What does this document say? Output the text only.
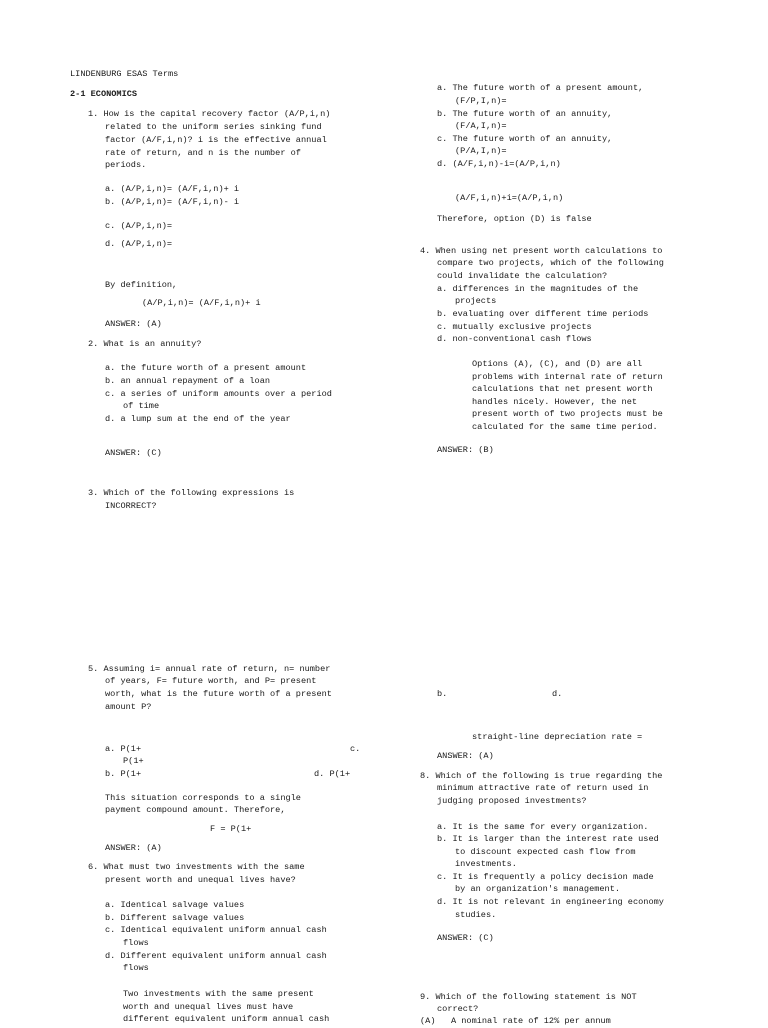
LINDENBURG ESAS Terms
2-1 ECONOMICS
1. How is the capital recovery factor (A/P,i,n)
related to the uniform series sinking fund
factor (A/F,i,n)? i is the effective annual
rate of return, and n is the number of
periods.
a. (A/P,i,n)= (A/F,i,n)+ i
b. (A/P,i,n)= (A/F,i,n)- i
c. (A/P,i,n)=
d. (A/P,i,n)=
By definition,
(A/P,i,n)= (A/F,i,n)+ i
ANSWER: (A)
2. What is an annuity?
a. the future worth of a present amount
b. an annual repayment of a loan
c. a series of uniform amounts over a period
of time
d. a lump sum at the end of the year
ANSWER: (C)
3. Which of the following expressions is
INCORRECT?
5. Assuming i= annual rate of return, n= number
of years, F= future worth, and P= present
worth, what is the future worth of a present
amount P?
a. P(1+	c.
P(1+
b. P(1+	d. P(1+
This situation corresponds to a single
payment compound amount. Therefore,
F = P(1+
ANSWER: (A)
6. What must two investments with the same
present worth and unequal lives have?
a. Identical salvage values
b. Different salvage values
c. Identical equivalent uniform annual cash
flows
d. Different equivalent uniform annual cash
flows
Two investments with the same present
worth and unequal lives must have
different equivalent uniform annual cash
a. The future worth of a present amount,
(F/P,I,n)=
b. The future worth of an annuity,
(F/A,I,n)=
c. The future worth of an annuity,
(P/A,I,n)=
d. (A/F,i,n)-i=(A/P,i,n)
(A/F,i,n)+i=(A/P,i,n)
Therefore, option (D) is false
4. When using net present worth calculations to
compare two projects, which of the following
could invalidate the calculation?
a. differences in the magnitudes of the
projects
b. evaluating over different time periods
c. mutually exclusive projects
d. non-conventional cash flows
Options (A), (C), and (D) are all
problems with internal rate of return
calculations that net present worth
handles nicely. However, the net
present worth of two projects must be
calculated for the same time period.
ANSWER: (B)
b.	d.
straight-line depreciation rate =
ANSWER: (A)
8. Which of the following is true regarding the
minimum attractive rate of return used in
judging proposed investments?
a. It is the same for every organization.
b. It is larger than the interest rate used
to discount expected cash flow from
investments.
c. It is frequently a policy decision made
by an organization's management.
d. It is not relevant in engineering economy
studies.
ANSWER: (C)
9. Which of the following statement is NOT
correct?
(A)   A nominal rate of 12% per annum
